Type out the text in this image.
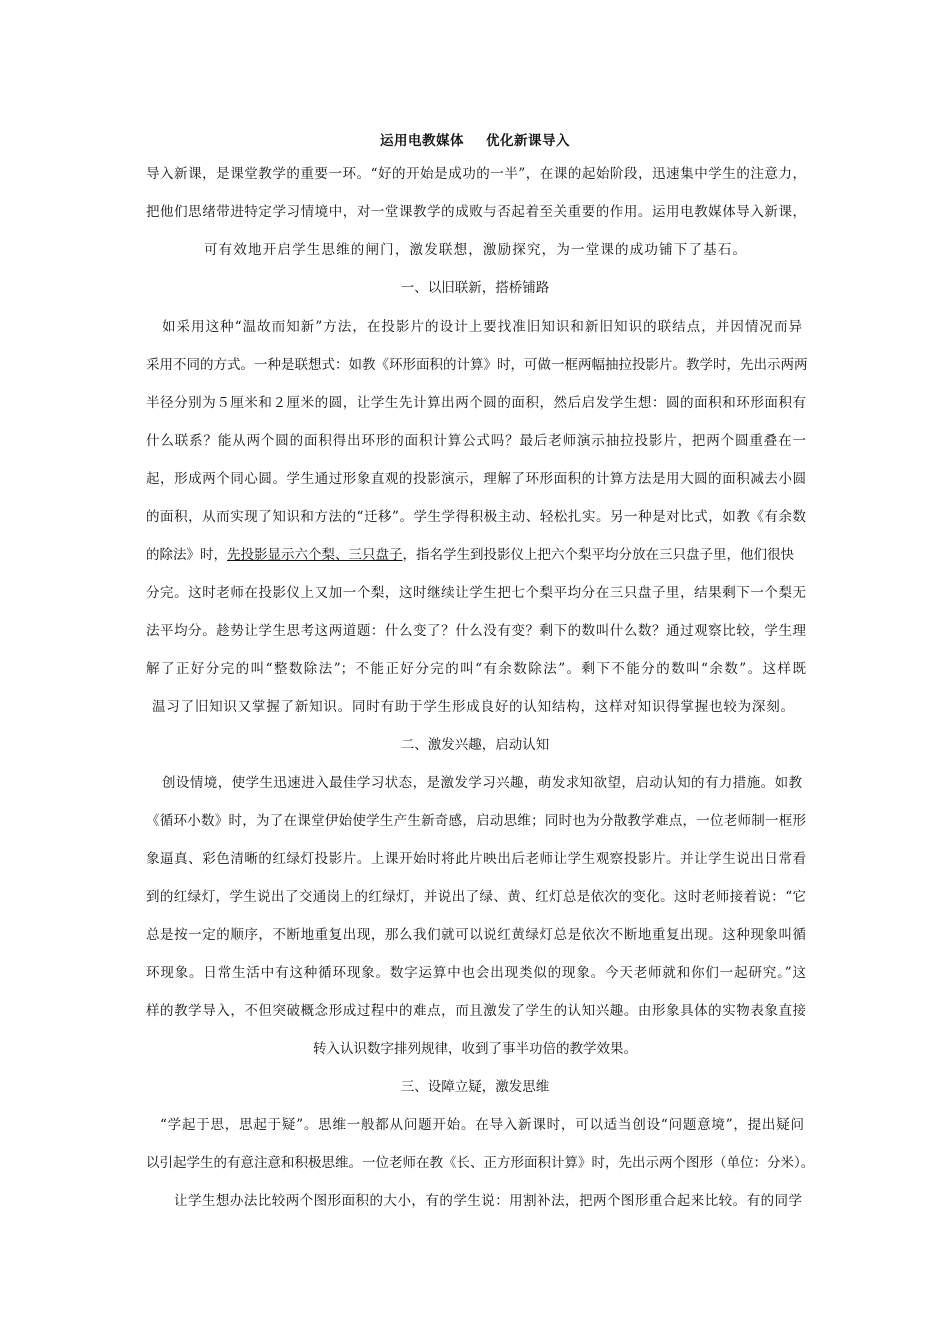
运用电教媒体 优化新课导入
导入新课，是课堂教学的重要一环。“好的开始是成功的一半”，在课的起始阶段，迅速集中学生的注意力，
把他们思绪带进特定学习情境中，对一堂课教学的成败与否起着至关重要的作用。运用电教媒体导入新课，
可有效地开启学生思维的闸门，激发联想，激励探究，为一堂课的成功铺下了基石。
一、以旧联新，搭桥铺路
如采用这种“温故而知新”方法，在投影片的设计上要找准旧知识和新旧知识的联结点，并因情况而异
采用不同的方式。一种是联想式：如教《环形面积的计算》时，可做一框两幅抽拉投影片。教学时，先出示两两
半径分别为５厘米和２厘米的圆，让学生先计算出两个圆的面积，然后启发学生想：圆的面积和环形面积有
什么联系？能从两个圆的面积得出环形的面积计算公式吗？最后老师演示抽拉投影片，把两个圆重叠在一
起，形成两个同心圆。学生通过形象直观的投影演示，理解了环形面积的计算方法是用大圆的面积减去小圆
的面积，从而实现了知识和方法的“迁移”。学生学得积极主动、轻松扎实。另一种是对比式，如教《有余数
的除法》时，先投影显示六个梨、三只盘子，指名学生到投影仪上把六个梨平均分放在三只盘子里，他们很快
分完。这时老师在投影仪上又加一个梨，这时继续让学生把七个梨平均分在三只盘子里，结果剩下一个梨无
法平均分。趁势让学生思考这两道题：什么变了？什么没有变？剩下的数叫什么数？通过观察比较，学生理
解了正好分完的叫“整数除法”；不能正好分完的叫“有余数除法”。剩下不能分的数叫“余数”。这样既
温习了旧知识又掌握了新知识。同时有助于学生形成良好的认知结构，这样对知识得掌握也较为深刻。
二、激发兴趣，启动认知
创设情境，使学生迅速进入最佳学习状态，是激发学习兴趣，萌发求知欲望，启动认知的有力措施。如教
《循环小数》时，为了在课堂伊始使学生产生新奇感，启动思维；同时也为分散教学难点，一位老师制一框形
象逼真、彩色清晰的红绿灯投影片。上课开始时将此片映出后老师让学生观察投影片。并让学生说出日常看
到的红绿灯，学生说出了交通岗上的红绿灯，并说出了绿、黄、红灯总是依次的变化。这时老师接着说：“它
总是按一定的顺序，不断地重复出现，那么我们就可以说红黄绿灯总是依次不断地重复出现。这种现象叫循
环现象。日常生活中有这种循环现象。数字运算中也会出现类似的现象。今天老师就和你们一起研究。”这
样的教学导入，不但突破概念形成过程中的难点，而且激发了学生的认知兴趣。由形象具体的实物表象直接
转入认识数字排列规律，收到了事半功倍的教学效果。
三、设障立疑，激发思维
“学起于思，思起于疑”。思维一般都从问题开始。在导入新课时，可以适当创设“问题意境”，提出疑问
以引起学生的有意注意和积极思维。一位老师在教《长、正方形面积计算》时，先出示两个图形（单位：分米）。
让学生想办法比较两个图形面积的大小，有的学生说：用割补法，把两个图形重合起来比较。有的同学
